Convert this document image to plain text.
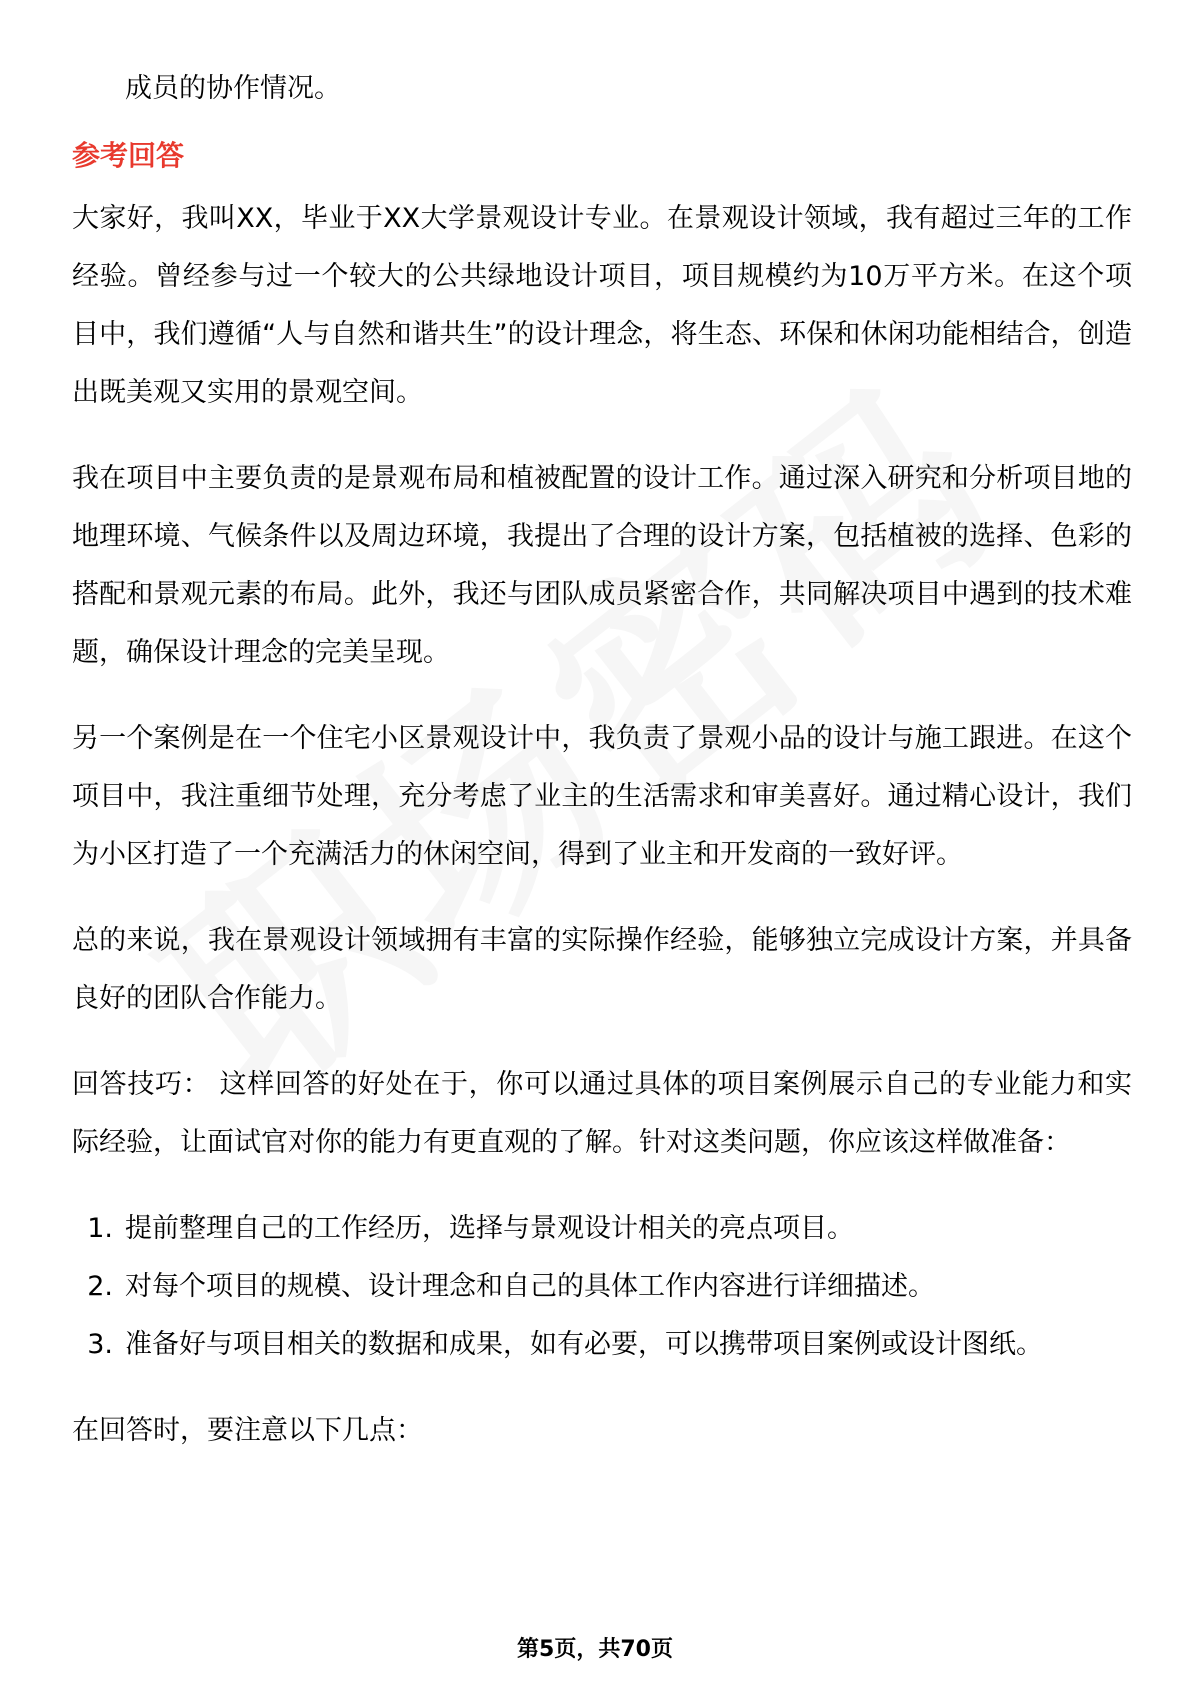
成员的协作情况。

参考回答

大家好，我叫XX，毕业于XX大学景观设计专业。在景观设计领域，我有超过三年的工作经验。曾经参与过一个较大的公共绿地设计项目，项目规模约为10万平方米。在这个项目中，我们遵循“人与自然和谐共生”的设计理念，将生态、环保和休闲功能相结合，创造出既美观又实用的景观空间。

我在项目中主要负责的是景观布局和植被配置的设计工作。通过深入研究和分析项目地的地理环境、气候条件以及周边环境，我提出了合理的设计方案，包括植被的选择、色彩的搭配和景观元素的布局。此外，我还与团队成员紧密合作，共同解决项目中遇到的技术难题，确保设计理念的完美呈现。

另一个案例是在一个住宅小区景观设计中，我负责了景观小品的设计与施工跟进。在这个项目中，我注重细节处理，充分考虑了业主的生活需求和审美喜好。通过精心设计，我们为小区打造了一个充满活力的休闲空间，得到了业主和开发商的一致好评。

总的来说，我在景观设计领域拥有丰富的实际操作经验，能够独立完成设计方案，并具备良好的团队合作能力。

回答技巧： 这样回答的好处在于，你可以通过具体的项目案例展示自己的专业能力和实际经验，让面试官对你的能力有更直观的了解。针对这类问题，你应该这样做准备：

1. 提前整理自己的工作经历，选择与景观设计相关的亮点项目。
2. 对每个项目的规模、设计理念和自己的具体工作内容进行详细描述。
3. 准备好与项目相关的数据和成果，如有必要，可以携带项目案例或设计图纸。

在回答时，要注意以下几点：

第5页，共70页
